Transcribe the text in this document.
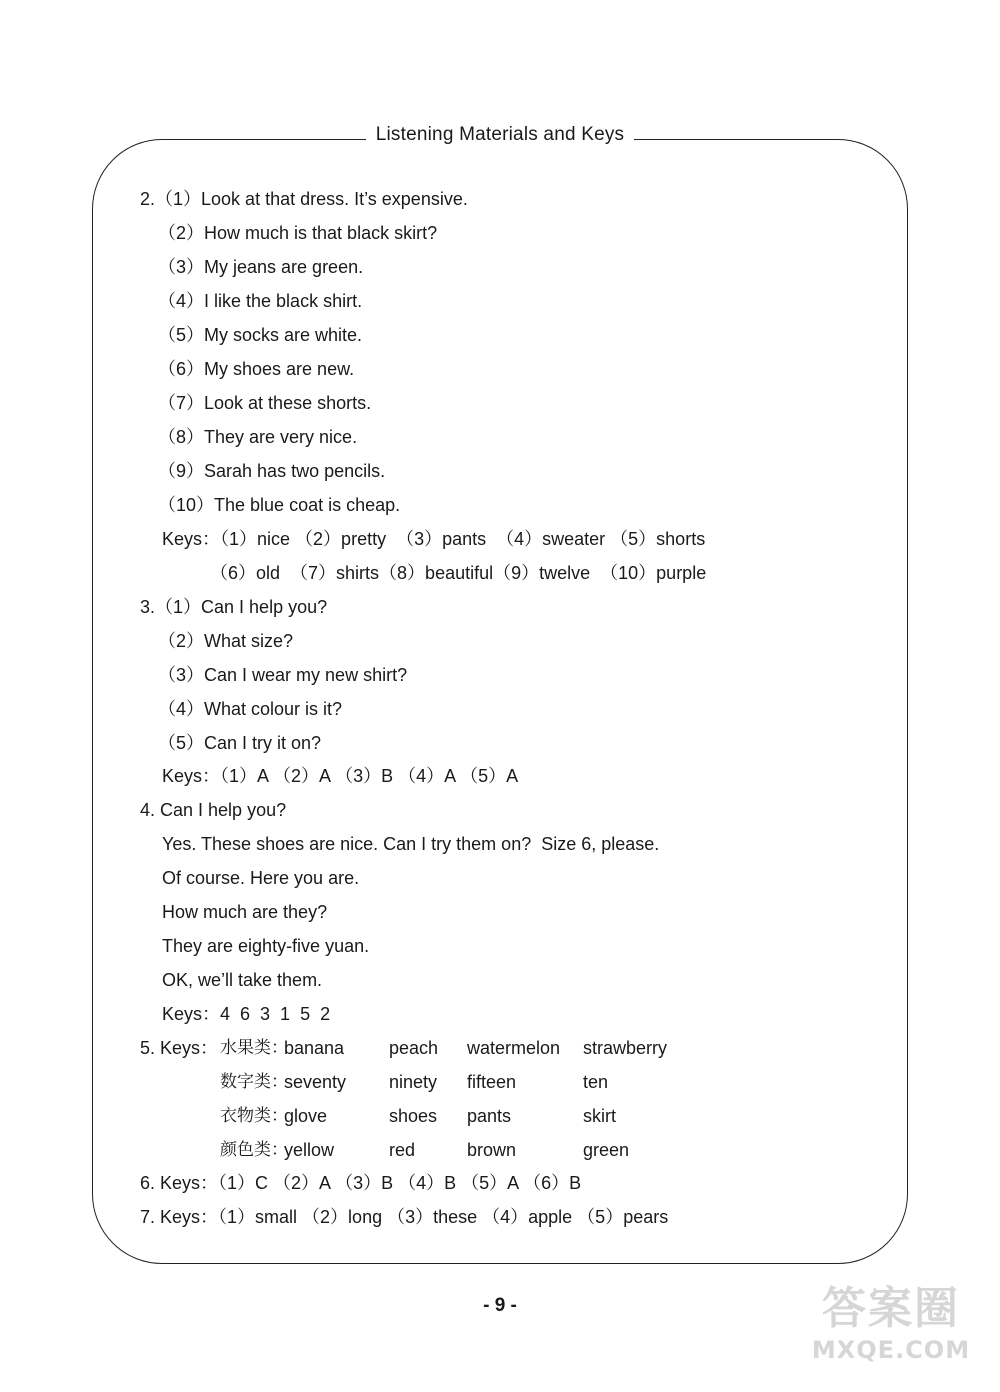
Listening Materials and Keys
2.（1）Look at that dress. It’s expensive.
（2）How much is that black skirt?
（3）My jeans are green.
（4）I like the black shirt.
（5）My socks are white.
（6）My shoes are new.
（7）Look at these shorts.
（8）They are very nice.
（9）Sarah has two pencils.
（10）The blue coat is cheap.
Keys：（1）nice （2）pretty  （3）pants  （4）sweater （5）shorts
（6）old  （7）shirts（8）beautiful（9）twelve  （10）purple
3.（1）Can I help you?
（2）What size?
（3）Can I wear my new shirt?
（4）What colour is it?
（5）Can I try it on?
Keys：（1）A （2）A （3）B （4）A （5）A
4. Can I help you?
Yes. These shoes are nice. Can I try them on?  Size 6, please.
Of course. Here you are.
How much are they?
They are eighty-five yuan.
OK, we’ll take them.
Keys：4  6  3  1  5  2
5. Keys： 水果类：
banana peach watermelon strawberry
数字类：
seventy ninety fifteen	ten
衣物类：
glove	shoes pants	skirt
颜色类：
yellow	red	brown	green
6. Keys：（1）C （2）A （3）B （4）B （5）A （6）B
7. Keys：（1）small （2）long （3）these （4）apple （5）pears
- 9 -	答案圈
MXQE.COM
